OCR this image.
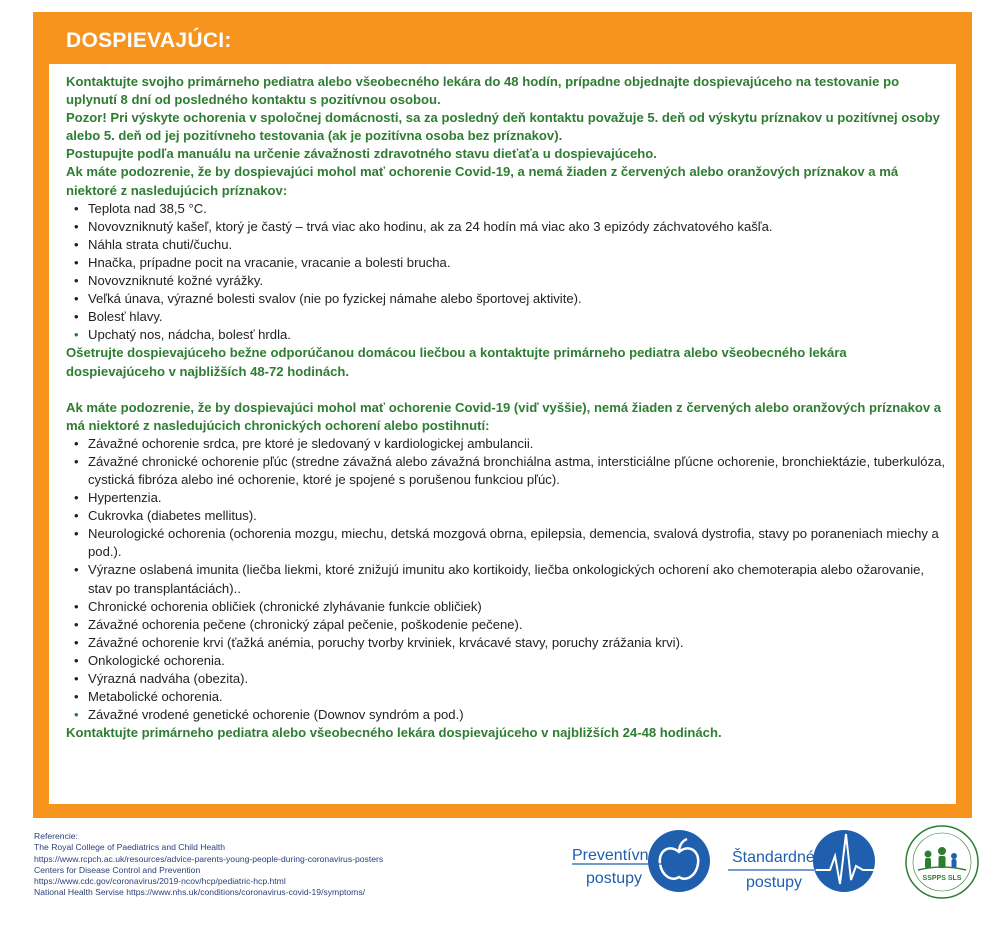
DOSPIEVAJÚCI:
Kontaktujte svojho primárneho pediatra alebo všeobecného lekára do 48 hodín, prípadne objednajte dospievajúceho na testovanie po uplynutí 8 dní od posledného kontaktu s pozitívnou osobou.
Pozor! Pri výskyte ochorenia v spoločnej domácnosti, sa za posledný deň kontaktu považuje 5. deň od výskytu príznakov u pozitívnej osoby alebo 5. deň od jej pozitívneho testovania (ak je pozitívna osoba bez príznakov).
Postupujte podľa manuálu na určenie závažnosti zdravotného stavu dieťaťa u dospievajúceho.
Ak máte podozrenie, že by dospievajúci mohol mať ochorenie Covid-19, a nemá žiaden z červených alebo oranžových príznakov a má niektoré z nasledujúcich príznakov:
• Teplota nad 38,5 °C.
• Novovzniknutý kašeľ, ktorý je častý – trvá viac ako hodinu, ak za 24 hodín má viac ako 3 epizódy záchvatového kašľa.
• Náhla strata chuti/čuchu.
• Hnačka, prípadne pocit na vracanie, vracanie a bolesti brucha.
• Novovzniknuté kožné vyrážky.
• Veľká únava, výrazné bolesti svalov (nie po fyzickej námahe alebo športovej aktivite).
• Bolesť hlavy.
• Upchatý nos, nádcha, bolesť hrdla.
Ošetrujte dospievajúceho bežne odporúčanou domácou liečbou a kontaktujte primárneho pediatra alebo všeobecného lekára dospievajúceho v najbližších 48-72 hodinách.
Ak máte podozrenie, že by dospievajúci mohol mať ochorenie Covid-19 (viď vyššie), nemá žiaden z červených alebo oranžových príznakov a má niektoré z nasledujúcich chronických ochorení alebo postihnutí:
• Závažné ochorenie srdca, pre ktoré je sledovaný v kardiologickej ambulancii.
• Závažné chronické ochorenie pľúc (stredne závažná alebo závažná bronchiálna astma, intersticiálne pľúcne ochorenie, bronchiektázie, tuberkulóza, cystická fibróza alebo iné ochorenie, ktoré je spojené s porušenou funkciou pľúc).
• Hypertenzia.
• Cukrovka (diabetes mellitus).
• Neurologické ochorenia (ochorenia mozgu, miechu, detská mozgová obrna, epilepsia, demencia, svalová dystrofia, stavy po poraneniach miechy a pod.).
• Výrazne oslabená imunita (liečba liekmi, ktoré znižujú imunitu ako kortikoidy, liečba onkologických ochorení ako chemoterapia alebo ožarovanie, stav po transplantáciách)..
• Chronické ochorenia obličiek (chronické zlyhávanie funkcie obličiek)
• Závažné ochorenia pečene (chronický zápal pečenie, poškodenie pečene).
• Závažné ochorenie krvi (ťažká anémia, poruchy tvorby krviniek, krvácavé stavy, poruchy zrážania krvi).
• Onkologické ochorenia.
• Výrazná nadváha (obezita).
• Metabolické ochorenia.
• Závažné vrodené genetické ochorenie (Downov syndróm a pod.)
Kontaktujte primárneho pediatra alebo všeobecného lekára dospievajúceho v najbližších 24-48 hodinách.
Referencie:
The Royal College of Paediatrics and Child Health
https://www.rcpch.ac.uk/resources/advice-parents-young-people-during-coronavirus-posters
Centers for Disease Control and Prevention
https://www.cdc.gov/coronavirus/2019-ncov/hcp/pediatric-hcp.html
National Health Servise https://www.nhs.uk/conditions/coronavirus-covid-19/symptoms/
Preventívne
postupy
Štandardné
postupy	SSPPS SLS
